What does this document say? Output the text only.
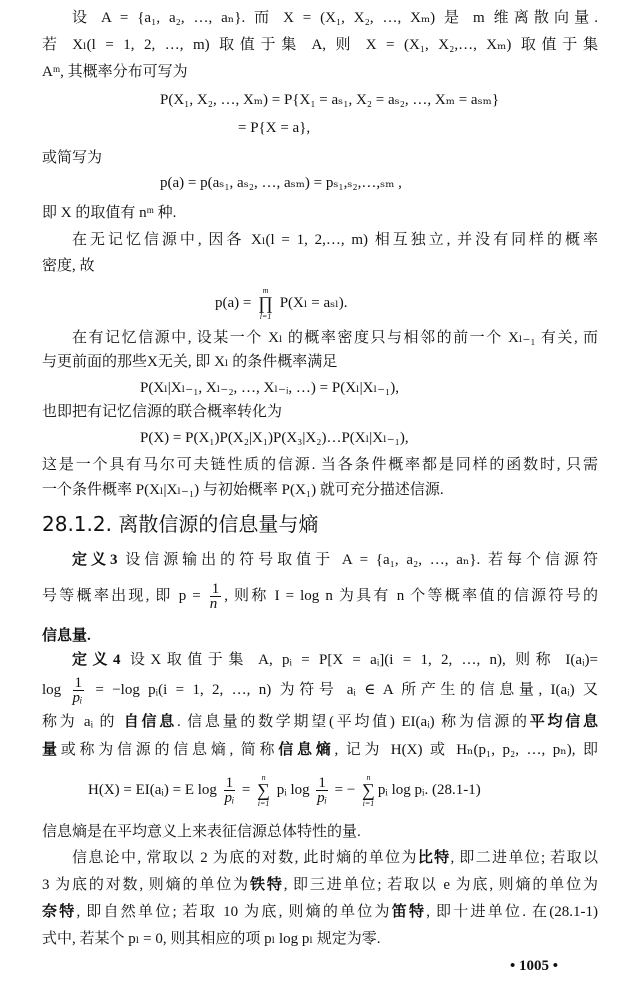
设 A = {a₁, a₂, …, aₙ}. 而 X = (X₁, X₂, …, Xₘ) 是 m 维离散向量.
若 Xₗ(l = 1, 2, …, m) 取值于集 A, 则 X = (X₁, X₂,…, Xₘ) 取值于集
Aᵐ, 其概率分布可写为
P(X₁, X₂, …, Xₘ) = P{X₁ = aₛ₁, X₂ = aₛ₂, …, Xₘ = aₛₘ}
= P{X = a},
或简写为
p(a) = p(aₛ₁, aₛ₂, …, aₛₘ) = pₛ₁,ₛ₂,…,ₛₘ ,
即 X 的取值有 nᵐ 种.
在无记忆信源中, 因各 Xₗ(l = 1, 2,…, m) 相互独立, 并没有同样的概率
密度, 故
p(a) =
m
∏
l=1
P(Xₗ = aₛₗ).
在有记忆信源中, 设某一个 Xₗ 的概率密度只与相邻的前一个 Xₗ₋₁ 有关, 而
与更前面的那些X无关, 即 Xₗ 的条件概率满足
P(Xₗ|Xₗ₋₁, Xₗ₋₂, …, Xₗ₋ᵢ, …) = P(Xₗ|Xₗ₋₁),
也即把有记忆信源的联合概率转化为
P(X) = P(X₁)P(X₂|X₁)P(X₃|X₂)…P(Xₗ|Xₗ₋₁),
这是一个具有马尔可夫链性质的信源. 当各条件概率都是同样的函数时, 只需
一个条件概率 P(Xₗ|Xₗ₋₁) 与初始概率 P(X₁) 就可充分描述信源.
28.1.2. 离散信源的信息量与熵
定义3 设信源输出的符号取值于 A = {a₁, a₂, …, aₙ}. 若每个信源符
号等概率出现, 即 $p = \frac{1}{n}$ , 则称 I = log n 为具有 n 个等概率值的信源符号的
信息量.
定义4 设X取值于集 A, pᵢ = P[X = aᵢ](i = 1, 2, …, n), 则称 I(aᵢ)=
$\log \frac{1}{\text{pᵢ}} = -\log$ pᵢ(i = 1, 2, …, n) 为符号 aᵢ ∈ A 所产生的信息量, I(aᵢ) 又
称为 aᵢ 的 自信息. 信息量的数学期望(平均值) EI(aᵢ) 称为信源的平均信息
量或称为信源的信息熵, 简称信息熵, 记为 H(X) 或 Hₙ(p₁, p₂, …, pₙ), 即
H(X) = EI(aᵢ) = E $\log \frac{1}{\text{pᵢ}}$ =
n
∑
i=1
pᵢ $\log \frac{1}{\text{pᵢ}}$ = −
n
∑
i=1
pᵢ log pᵢ. (28.1-1)
信息熵是在平均意义上来表征信源总体特性的量.
信息论中, 常取以 2 为底的对数, 此时熵的单位为比特, 即二进单位; 若取以
3 为底的对数, 则熵的单位为铁特, 即三进单位; 若取以 e 为底, 则熵的单位为
奈特, 即自然单位; 若取 10 为底, 则熵的单位为笛特, 即十进单位. 在(28.1-1)
式中, 若某个 pₗ = 0, 则其相应的项 pₗ log pₗ 规定为零.
• 1005 •
